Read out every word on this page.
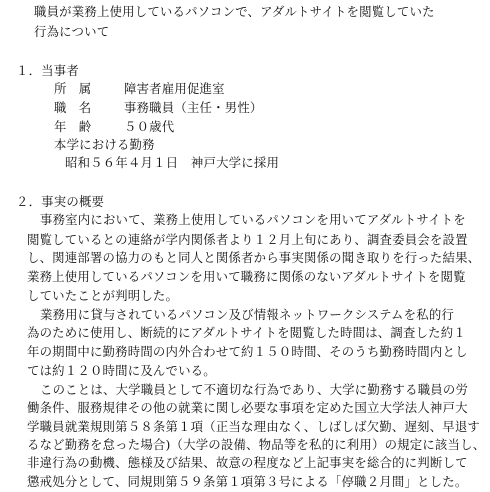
職員が業務上使用しているパソコンで、アダルトサイトを閲覧していた
行為について
１．当事者
所　属	障害者雇用促進室
職　名	事務職員（主任・男性）
年　齢	５０歳代
本学における勤務
昭和５６年４月１日　神戸大学に採用
２．事実の概要
事務室内において、業務上使用しているパソコンを用いてアダルトサイトを
閲覧しているとの連絡が学内関係者より１２月上旬にあり、調査委員会を設置
し、関連部署の協力のもと同人と関係者から事実関係の聞き取りを行った結果、
業務上使用しているパソコンを用いて職務に関係のないアダルトサイトを閲覧
していたことが判明した。
業務用に貸与されているパソコン及び情報ネットワークシステムを私的行
為のために使用し、断続的にアダルトサイトを閲覧した時間は、調査した約１
年の期間中に勤務時間の内外合わせて約１５０時間、そのうち勤務時間内とし
ては約１２０時間に及んでいる。
このことは、大学職員として不適切な行為であり、大学に勤務する職員の労
働条件、服務規律その他の就業に関し必要な事項を定めた国立大学法人神戸大
学職員就業規則第５８条第１項（正当な理由なく、しばしば欠勤、遅刻、早退す
るなど勤務を怠った場合)（大学の設備、物品等を私的に利用）の規定に該当し、
非違行為の動機、態様及び結果、故意の程度など上記事実を総合的に判断して
懲戒処分として、同規則第５９条第１項第３号による「停職２月間」とした。
